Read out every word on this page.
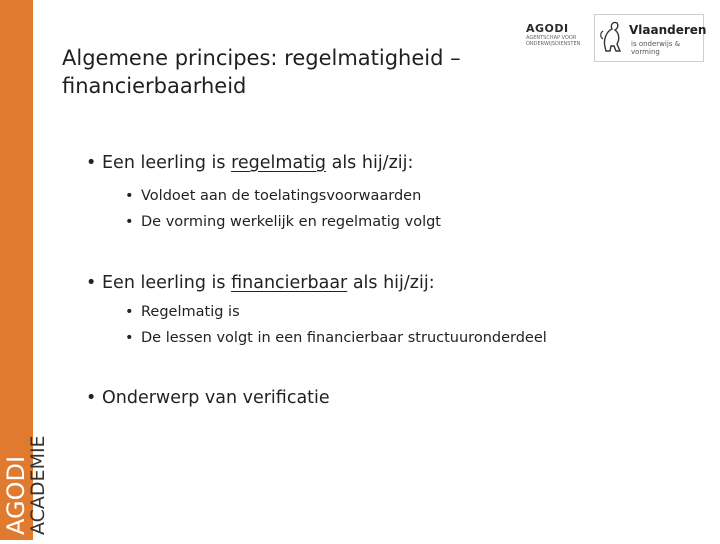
AGODI
ACADEMIE
Algemene principes: regelmatigheid – financierbaarheid
AGODI
AGENTSCHAP VOOR
ONDERWIJSDIENSTEN
Vlaanderen
is onderwijs & vorming
• Een leerling is regelmatig als hij/zij:
• Voldoet aan de toelatingsvoorwaarden
• De vorming werkelijk en regelmatig volgt
• Een leerling is financierbaar als hij/zij:
• Regelmatig is
• De lessen volgt in een financierbaar structuuronderdeel
• Onderwerp van verificatie
